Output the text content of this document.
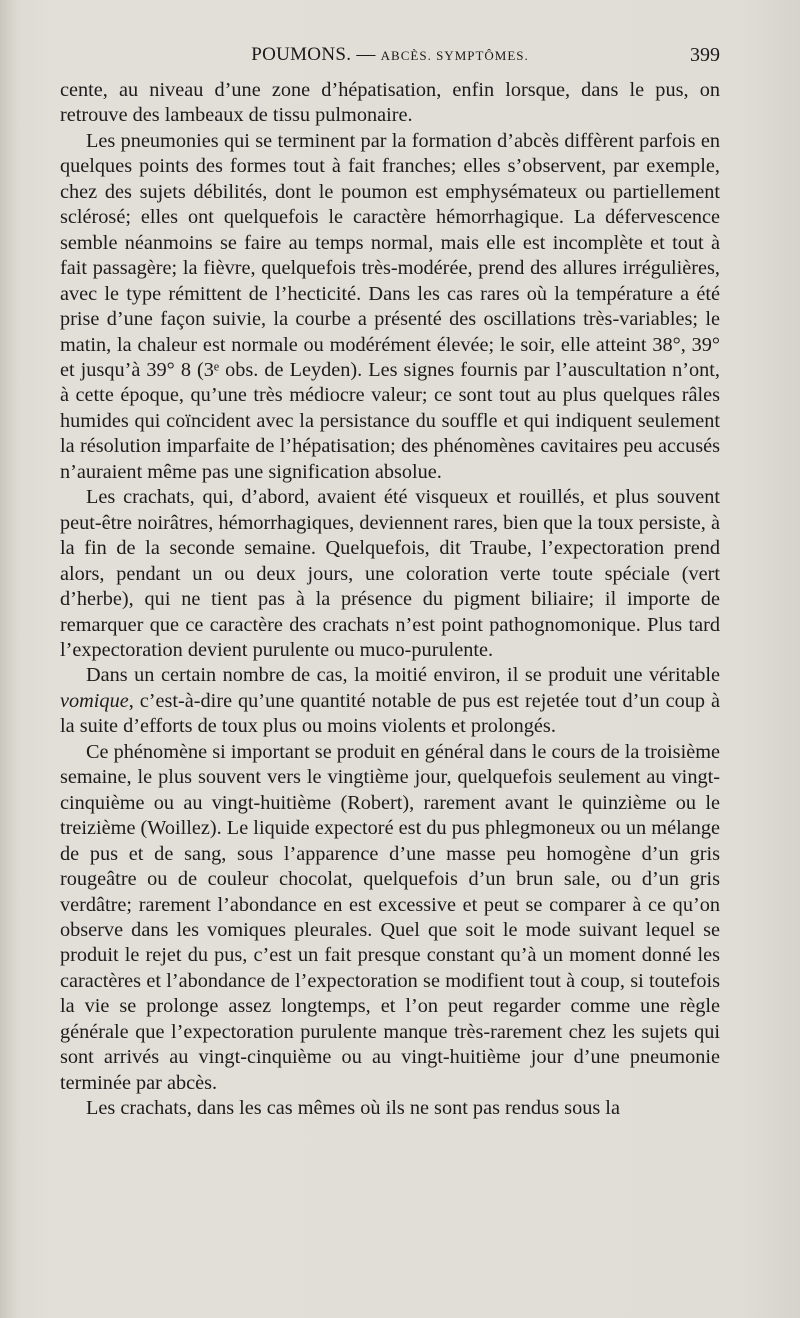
POUMONS. — ABCÈS. SYMPTÔMES.	399

cente, au niveau d’une zone d’hépatisation, enfin lorsque, dans le pus, on retrouve des lambeaux de tissu pulmonaire.

Les pneumonies qui se terminent par la formation d’abcès diffèrent parfois en quelques points des formes tout à fait franches; elles s’observent, par exemple, chez des sujets débilités, dont le poumon est emphysémateux ou partiellement sclérosé; elles ont quelquefois le caractère hémorrhagique. La défervescence semble néanmoins se faire au temps normal, mais elle est incomplète et tout à fait passagère; la fièvre, quelquefois très-modérée, prend des allures irrégulières, avec le type rémittent de l’hecticité. Dans les cas rares où la température a été prise d’une façon suivie, la courbe a présenté des oscillations très-variables; le matin, la chaleur est normale ou modérément élevée; le soir, elle atteint 38°, 39° et jusqu’à 39° 8 (3ᵉ obs. de Leyden). Les signes fournis par l’auscultation n’ont, à cette époque, qu’une très médiocre valeur; ce sont tout au plus quelques râles humides qui coïncident avec la persistance du souffle et qui indiquent seulement la résolution imparfaite de l’hépatisation; des phénomènes cavitaires peu accusés n’auraient même pas une signification absolue.

Les crachats, qui, d’abord, avaient été visqueux et rouillés, et plus souvent peut-être noirâtres, hémorrhagiques, deviennent rares, bien que la toux persiste, à la fin de la seconde semaine. Quelquefois, dit Traube, l’expectoration prend alors, pendant un ou deux jours, une coloration verte toute spéciale (vert d’herbe), qui ne tient pas à la présence du pigment biliaire; il importe de remarquer que ce caractère des crachats n’est point pathognomonique. Plus tard l’expectoration devient purulente ou muco-purulente.

Dans un certain nombre de cas, la moitié environ, il se produit une véritable vomique, c’est-à-dire qu’une quantité notable de pus est rejetée tout d’un coup à la suite d’efforts de toux plus ou moins violents et prolongés.

Ce phénomène si important se produit en général dans le cours de la troisième semaine, le plus souvent vers le vingtième jour, quelquefois seulement au vingt-cinquième ou au vingt-huitième (Robert), rarement avant le quinzième ou le treizième (Woillez). Le liquide expectoré est du pus phlegmoneux ou un mélange de pus et de sang, sous l’apparence d’une masse peu homogène d’un gris rougeâtre ou de couleur chocolat, quelquefois d’un brun sale, ou d’un gris verdâtre; rarement l’abondance en est excessive et peut se comparer à ce qu’on observe dans les vomiques pleurales. Quel que soit le mode suivant lequel se produit le rejet du pus, c’est un fait presque constant qu’à un moment donné les caractères et l’abondance de l’expectoration se modifient tout à coup, si toutefois la vie se prolonge assez longtemps, et l’on peut regarder comme une règle générale que l’expectoration purulente manque très-rarement chez les sujets qui sont arrivés au vingt-cinquième ou au vingt-huitième jour d’une pneumonie terminée par abcès.

Les crachats, dans les cas mêmes où ils ne sont pas rendus sous la
